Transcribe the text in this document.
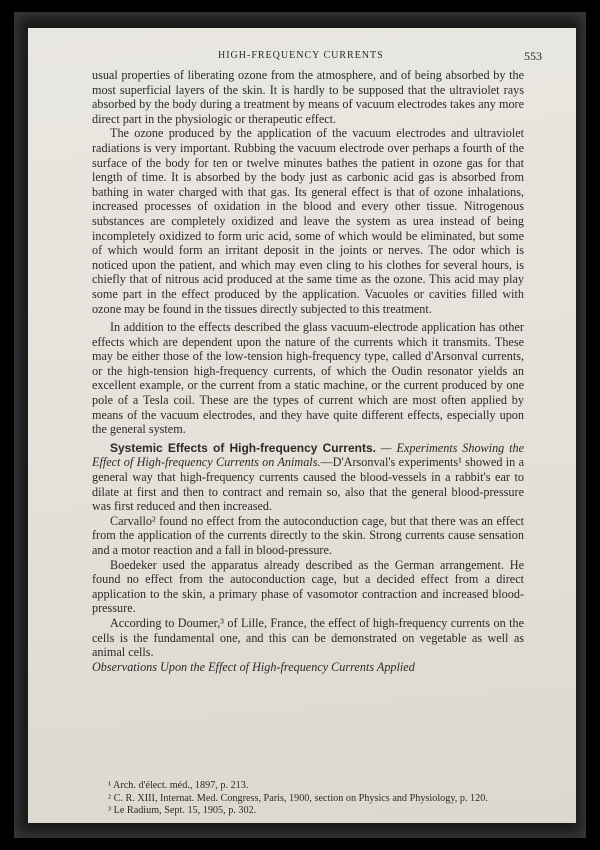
HIGH-FREQUENCY CURRENTS	553

usual properties of liberating ozone from the atmosphere, and of being absorbed by the most superficial layers of the skin. It is hardly to be supposed that the ultraviolet rays absorbed by the body during a treatment by means of vacuum electrodes takes any more direct part in the physiologic or therapeutic effect.

The ozone produced by the application of the vacuum electrodes and ultraviolet radiations is very important. Rubbing the vacuum electrode over perhaps a fourth of the surface of the body for ten or twelve minutes bathes the patient in ozone gas for that length of time. It is absorbed by the body just as carbonic acid gas is absorbed from bathing in water charged with that gas. Its general effect is that of ozone inhalations, increased processes of oxidation in the blood and every other tissue. Nitrogenous substances are completely oxidized and leave the system as urea instead of being incompletely oxidized to form uric acid, some of which would be eliminated, but some of which would form an irritant deposit in the joints or nerves. The odor which is noticed upon the patient, and which may even cling to his clothes for several hours, is chiefly that of nitrous acid produced at the same time as the ozone. This acid may play some part in the effect produced by the application. Vacuoles or cavities filled with ozone may be found in the tissues directly subjected to this treatment.

In addition to the effects described the glass vacuum-electrode application has other effects which are dependent upon the nature of the currents which it transmits. These may be either those of the low-tension high-frequency type, called d'Arsonval currents, or the high-tension high-frequency currents, of which the Oudin resonator yields an excellent example, or the current from a static machine, or the current produced by one pole of a Tesla coil. These are the types of current which are most often applied by means of the vacuum electrodes, and they have quite different effects, especially upon the general system.

Systemic Effects of High-frequency Currents. — Experiments Showing the Effect of High-frequency Currents on Animals.—D'Arsonval's experiments¹ showed in a general way that high-frequency currents caused the blood-vessels in a rabbit's ear to dilate at first and then to contract and remain so, also that the general blood-pressure was first reduced and then increased.

Carvallo² found no effect from the autoconduction cage, but that there was an effect from the application of the currents directly to the skin. Strong currents cause sensation and a motor reaction and a fall in blood-pressure.

Boedeker used the apparatus already described as the German arrangement. He found no effect from the autoconduction cage, but a decided effect from a direct application to the skin, a primary phase of vasomotor contraction and increased blood-pressure.

According to Doumer,³ of Lille, France, the effect of high-frequency currents on the cells is the fundamental one, and this can be demonstrated on vegetable as well as animal cells.

Observations Upon the Effect of High-frequency Currents Applied

¹ Arch. d'élect. méd., 1897, p. 213.
² C. R. XIII, Internat. Med. Congress, Paris, 1900, section on Physics and Physiology, p. 120.
³ Le Radium, Sept. 15, 1905, p. 302.
